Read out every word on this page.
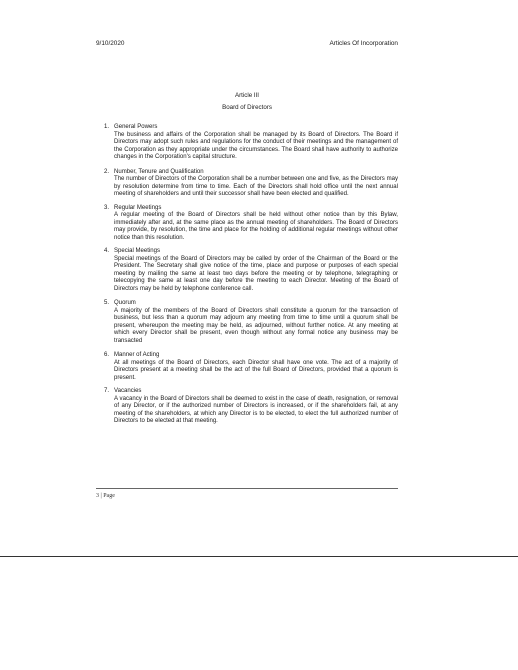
9/10/2020	Articles Of Incorporation
Article III
Board of Directors
1. General Powers
The business and affairs of the Corporation shall be managed by its Board of Directors. The Board if Directors may adopt such rules and regulations for the conduct of their meetings and the management of the Corporation as they appropriate under the circumstances. The Board shall have authority to authorize changes in the Corporation's capital structure.
2. Number, Tenure and Qualification
The number of Directors of the Corporation shall be a number between one and five, as the Directors may by resolution determine from time to time. Each of the Directors shall hold office until the next annual meeting of shareholders and until their successor shall have been elected and qualified.
3. Regular Meetings
A regular meeting of the Board of Directors shall be held without other notice than by this Bylaw, immediately after and, at the same place as the annual meeting of shareholders. The Board of Directors may provide, by resolution, the time and place for the holding of additional regular meetings without other notice than this resolution.
4. Special Meetings
Special meetings of the Board of Directors may be called by order of the Chairman of the Board or the President. The Secretary shall give notice of the time, place and purpose or purposes of each special meeting by mailing the same at least two days before the meeting or by telephone, telegraphing or telecopying the same at least one day before the meeting to each Director. Meeting of the Board of Directors may be held by telephone conference call.
5. Quorum
A majority of the members of the Board of Directors shall constitute a quorum for the transaction of business, but less than a quorum may adjourn any meeting from time to time until a quorum shall be present, whereupon the meeting may be held, as adjourned, without further notice. At any meeting at which every Director shall be present, even though without any formal notice any business may be transacted
6. Manner of Acting
At all meetings of the Board of Directors, each Director shall have one vote. The act of a majority of Directors present at a meeting shall be the act of the full Board of Directors, provided that a quorum is present.
7. Vacancies
A vacancy in the Board of Directors shall be deemed to exist in the case of death, resignation, or removal of any Director, or if the authorized number of Directors is increased, or if the shareholders fail, at any meeting of the shareholders, at which any Director is to be elected, to elect the full authorized number of Directors to be elected at that meeting.
3 | Page
